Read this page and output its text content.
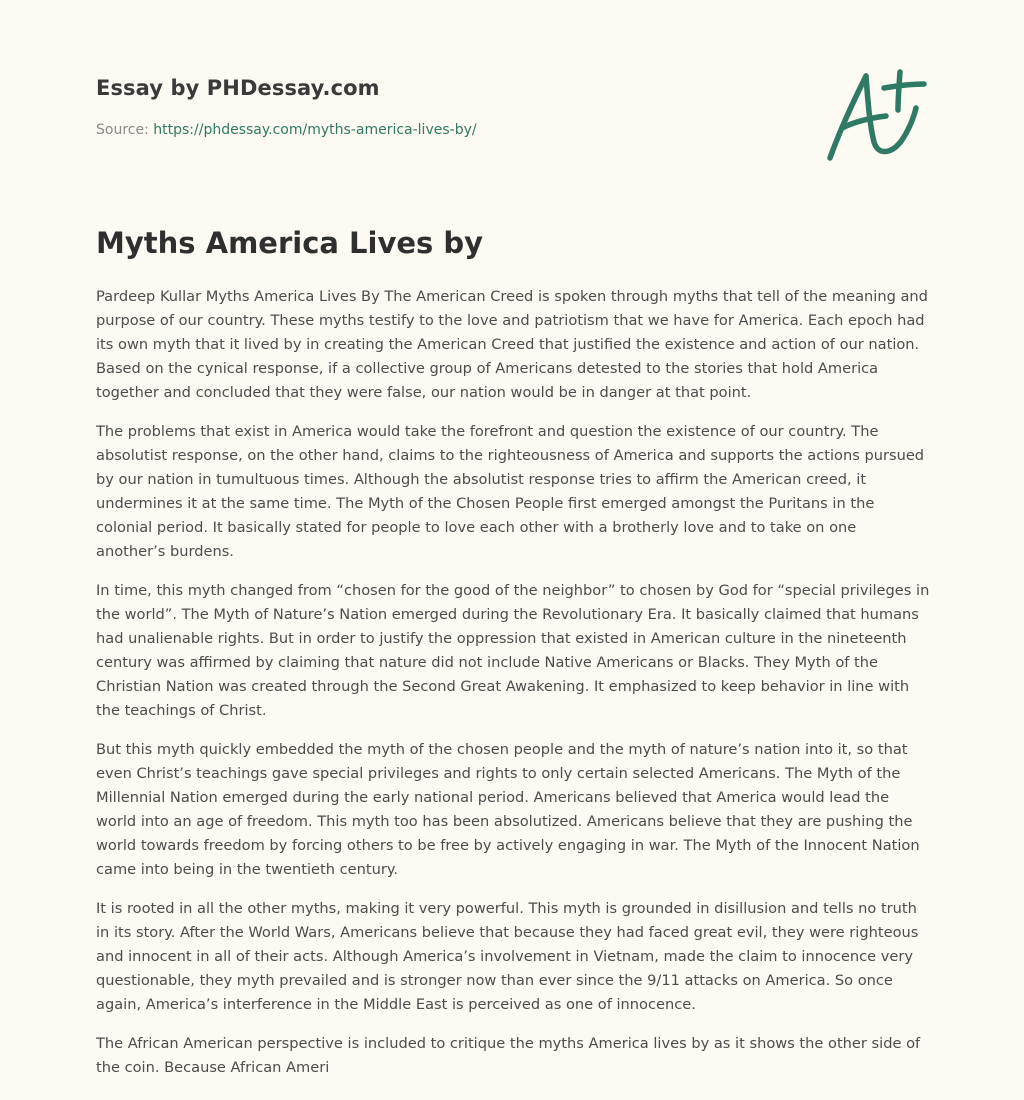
Essay by PHDessay.com
Source: https://phdessay.com/myths-america-lives-by/
Myths America Lives by

Pardeep Kullar Myths America Lives By The American Creed is spoken through myths that tell of the meaning and purpose of our country. These myths testify to the love and patriotism that we have for America. Each epoch had its own myth that it lived by in creating the American Creed that justified the existence and action of our nation. Based on the cynical response, if a collective group of Americans detested to the stories that hold America together and concluded that they were false, our nation would be in danger at that point.

The problems that exist in America would take the forefront and question the existence of our country. The absolutist response, on the other hand, claims to the righteousness of America and supports the actions pursued by our nation in tumultuous times. Although the absolutist response tries to affirm the American creed, it undermines it at the same time. The Myth of the Chosen People first emerged amongst the Puritans in the colonial period. It basically stated for people to love each other with a brotherly love and to take on one another’s burdens.

In time, this myth changed from “chosen for the good of the neighbor” to chosen by God for “special privileges in the world”. The Myth of Nature’s Nation emerged during the Revolutionary Era. It basically claimed that humans had unalienable rights. But in order to justify the oppression that existed in American culture in the nineteenth century was affirmed by claiming that nature did not include Native Americans or Blacks. They Myth of the Christian Nation was created through the Second Great Awakening. It emphasized to keep behavior in line with the teachings of Christ.

But this myth quickly embedded the myth of the chosen people and the myth of nature’s nation into it, so that even Christ’s teachings gave special privileges and rights to only certain selected Americans. The Myth of the Millennial Nation emerged during the early national period. Americans believed that America would lead the world into an age of freedom. This myth too has been absolutized. Americans believe that they are pushing the world towards freedom by forcing others to be free by actively engaging in war. The Myth of the Innocent Nation came into being in the twentieth century.

It is rooted in all the other myths, making it very powerful. This myth is grounded in disillusion and tells no truth in its story. After the World Wars, Americans believe that because they had faced great evil, they were righteous and innocent in all of their acts. Although America’s involvement in Vietnam, made the claim to innocence very questionable, they myth prevailed and is stronger now than ever since the 9/11 attacks on America. So once again, America’s interference in the Middle East is perceived as one of innocence.

The African American perspective is included to critique the myths America lives by as it shows the other side of the coin. Because African Ameri
